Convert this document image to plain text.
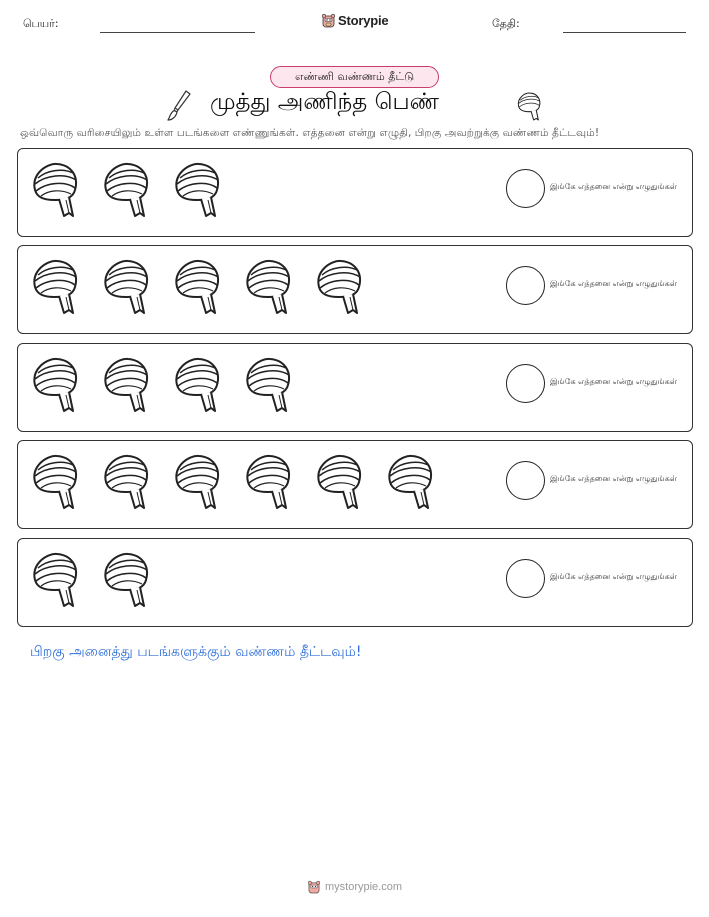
பெயர்:	Storypie	தேதி:
எண்ணி வண்ணம் தீட்டு
முத்து அணிந்த பெண்
ஒவ்வொரு வரிசையிலும் உள்ள படங்களை எண்ணுங்கள். எத்தனை என்று எழுதி, பிறகு அவற்றுக்கு வண்ணம் தீட்டவும்!
இங்கே எத்தனை என்று எழுதுங்கள்
இங்கே எத்தனை என்று எழுதுங்கள்
இங்கே எத்தனை என்று எழுதுங்கள்
இங்கே எத்தனை என்று எழுதுங்கள்
இங்கே எத்தனை என்று எழுதுங்கள்
பிறகு அனைத்து படங்களுக்கும் வண்ணம் தீட்டவும்!
mystorypie.com
